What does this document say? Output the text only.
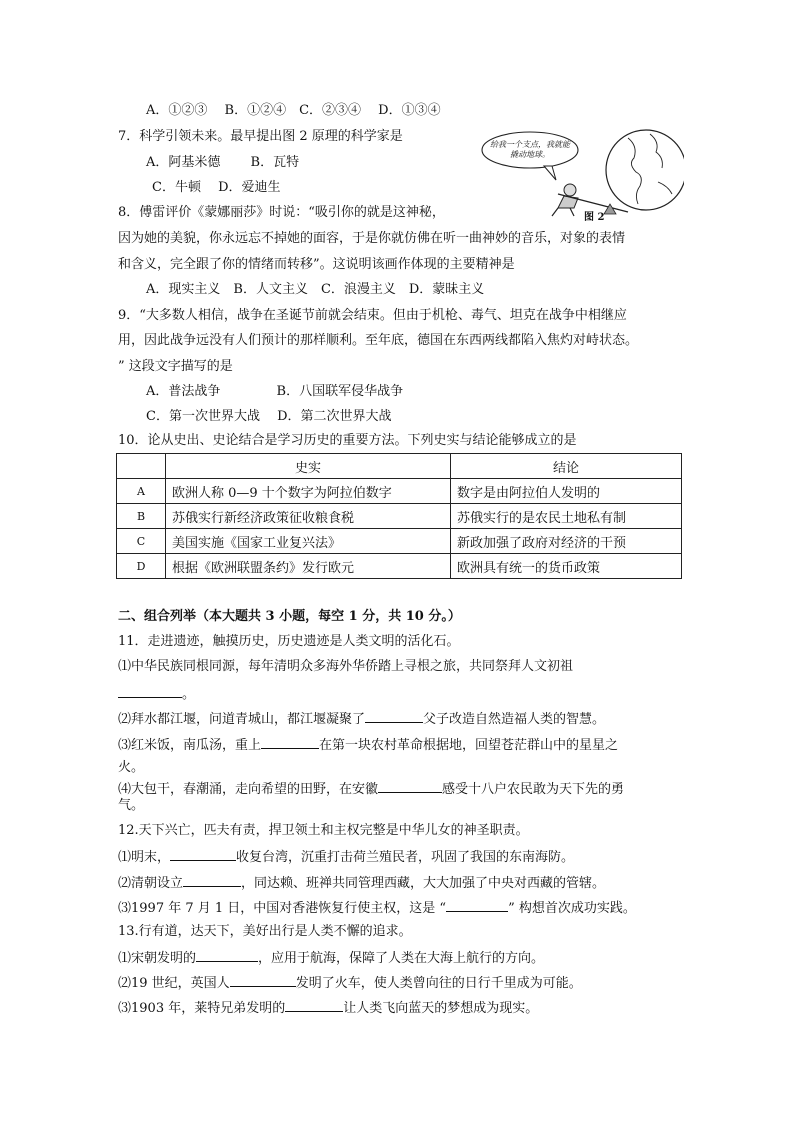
A．①②③　 B．①②④　C．②③④　 D．①③④
7．科学引领未来。最早提出图 2 原理的科学家是
A．阿基米德　　 B．瓦特
C．牛顿　 D．爱迪生
给我一个支点，我就能撬动地球。
图 2
8．傅雷评价《蒙娜丽莎》时说：“吸引你的就是这神秘，
因为她的美貌，你永远忘不掉她的面容，于是你就仿佛在听一曲神妙的音乐，对象的表情
和含义，完全跟了你的情绪而转移”。这说明该画作体现的主要精神是
A．现实主义　B．人文主义　C．浪漫主义　D．蒙昧主义
9．“大多数人相信，战争在圣诞节前就会结束。但由于机枪、毒气、坦克在战争中相继应
用，因此战争远没有人们预计的那样顺利。至年底，德国在东西两线都陷入焦灼对峙状态。
” 这段文字描写的是
A．普法战争　　　　 B．八国联军侵华战争
C．第一次世界大战　 D．第二次世界大战
10．论从史出、史论结合是学习历史的重要方法。下列史实与结论能够成立的是
	史实	结论
A	欧洲人称 0—9 十个数字为阿拉伯数字	数字是由阿拉伯人发明的
B	苏俄实行新经济政策征收粮食税	苏俄实行的是农民土地私有制
C	美国实施《国家工业复兴法》	新政加强了政府对经济的干预
D	根据《欧洲联盟条约》发行欧元	欧洲具有统一的货币政策
二、组合列举（本大题共 3 小题，每空 1 分，共 10 分。）
11．走进遗迹，触摸历史，历史遗迹是人类文明的活化石。
⑴中华民族同根同源，每年清明众多海外华侨踏上寻根之旅，共同祭拜人文初祖
。
⑵拜水都江堰，问道青城山，都江堰凝聚了	父子改造自然造福人类的智慧。
⑶红米饭，南瓜汤，重上	在第一块农村革命根据地，回望苍茫群山中的星星之
火。
⑷大包干，春潮涌，走向希望的田野，在安徽	感受十八户农民敢为天下先的勇
气。
12.天下兴亡，匹夫有责，捍卫领土和主权完整是中华儿女的神圣职责。
⑴明末，	收复台湾，沉重打击荷兰殖民者，巩固了我国的东南海防。
⑵清朝设立	，同达赖、班禅共同管理西藏，大大加强了中央对西藏的管辖。
⑶1997 年 7 月 1 日，中国对香港恢复行使主权，这是 “	” 构想首次成功实践。
13.行有道，达天下，美好出行是人类不懈的追求。
⑴宋朝发明的	，应用于航海，保障了人类在大海上航行的方向。
⑵19 世纪，英国人	发明了火车，使人类曾向往的日行千里成为可能。
⑶1903 年，莱特兄弟发明的	让人类飞向蓝天的梦想成为现实。
